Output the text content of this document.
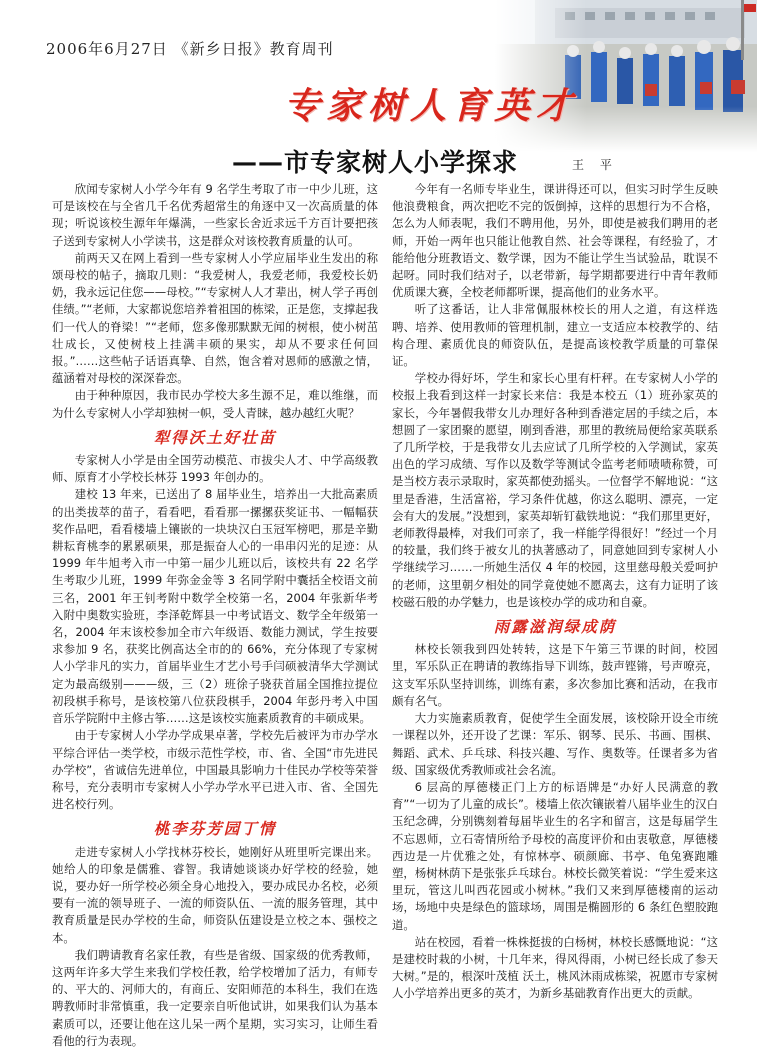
2006年6月27日 《新乡日报》教育周刊
专家树人育英才
——市专家树人小学探求	王 平

欣闻专家树人小学今年有 9 名学生考取了市一中少儿班，这可是该校在与全省几千名优秀超常生的角逐中又一次高质量的体现；听说该校生源年年爆满，一些家长舍近求远千方百计要把孩子送到专家树人小学读书，这是群众对该校教育质量的认可。

前两天又在网上看到一些专家树人小学应届毕业生发出的称颂母校的帖子，摘取几则：“我爱树人，我爱老师，我爱校长奶奶，我永远记住您——母校。”“专家树人人才辈出，树人学子再创佳绩。”“老师，大家都说您培养着祖国的栋梁，正是您，支撑起我们一代人的脊梁！”“老师，您多像那默默无闻的树根，使小树茁壮成长，又使树枝上挂满丰硕的果实，却从不要求任何回报。”……这些帖子话语真挚、自然，饱含着对恩师的感激之情，蕴涵着对母校的深深眷恋。

由于种种原因，我市民办学校大多生源不足，难以维继，而为什么专家树人小学却独树一帜，受人青睐，越办越红火呢？

犁得沃土好壮苗

专家树人小学是由全国劳动模范、市拔尖人才、中学高级教师、原育才小学校长林芬 1993 年创办的。

建校 13 年来，已送出了 8 届毕业生，培养出一大批高素质的出类拔萃的苗子，看看吧，看看那一摞摞获奖证书、一幅幅获奖作品吧，看看楼墙上镶嵌的一块块汉白玉冠军榜吧，那是辛勤耕耘育桃李的累累硕果，那是振奋人心的一串串闪光的足迹：从 1999 年牛旭考入市一中第一届少儿班以后，该校共有 22 名学生考取少儿班，1999 年弥金金等 3 名同学附中囊括全校语文前三名，2001 年王钊考附中数学全校第一名，2004 年张新华考入附中奥数实验班，李泽乾辉县一中考试语文、数学全年级第一名，2004 年末该校参加全市六年级语、数能力测试，学生按要求参加 9 名，获奖比例高达全市的的 66%，充分体现了专家树人小学非凡的实力，首届毕业生才艺小号手闫硕被清华大学测试定为最高级别———级，三（2）班徐子骁获首届全国推拉提位初段棋手称号，是该校第八位获段棋手，2004 年彭丹考入中国音乐学院附中主修古筝……这是该校实施素质教育的丰硕成果。

由于专家树人小学办学成果卓著，学校先后被评为市办学水平综合评估一类学校，市级示范性学校，市、省、全国“市先进民办学校”，省诚信先进单位，中国最具影响力十佳民办学校等荣誉称号，充分表明市专家树人小学办学水平已进入市、省、全国先进名校行列。

桃李芬芳园丁情

走进专家树人小学找林芬校长，她刚好从班里听完课出来。她给人的印象是儒雅、睿智。我请她谈谈办好学校的经验，她说，要办好一所学校必须全身心地投入，要办成民办名校，必须要有一流的领导班子、一流的师资队伍、一流的服务管理，其中教育质量是民办学校的生命，师资队伍建设是立校之本、强校之本。

我们聘请教育名家任教，有些是省级、国家级的优秀教师，这两年许多大学生来我们学校任教，给学校增加了活力，有师专的、平大的、河师大的，有商丘、安阳师范的本科生，我们在选聘教师时非常慎重，我一定要亲自听他试讲，如果我们认为基本素质可以，还要让他在这儿呆一两个星期，实习实习，让师生看看他的行为表现。

今年有一名师专毕业生，课讲得还可以，但实习时学生反映他浪费粮食，两次把吃不完的饭倒掉，这样的思想行为不合格，怎么为人师表呢，我们不聘用他，另外，即使是被我们聘用的老师，开始一两年也只能让他教自然、社会等课程，有经验了，才能给他分班教语文、数学课，因为不能让学生当试验品，耽误不起呀。同时我们结对子，以老带新，每学期都要进行中青年教师优质课大赛，全校老师都听课，提高他们的业务水平。

听了这番话，让人非常佩服林校长的用人之道，有这样选聘、培养、使用教师的管理机制，建立一支适应本校教学的、结构合理、素质优良的师资队伍，是提高该校教学质量的可靠保证。

学校办得好坏，学生和家长心里有杆秤。在专家树人小学的校报上我看到这样一封家长来信：我是本校五（1）班孙家英的家长，今年暑假我带女儿办理好各种到香港定居的手续之后，本想圆了一家团聚的愿望，刚到香港，那里的教统局便给家英联系了几所学校，于是我带女儿去应试了几所学校的入学测试，家英出色的学习成绩、写作以及数学等测试令监考老师啧啧称赞，可是当校方表示录取时，家英都使劲摇头。一位督学不解地说：“这里是香港，生活富裕，学习条件优越，你这么聪明、漂亮，一定会有大的发展。”没想到，家英却斩钉截铁地说：“我们那里更好，老师教得最棒，对我们可亲了，我一样能学得很好！”经过一个月的较量，我们终于被女儿的执著感动了，同意她回到专家树人小学继续学习……一所她生活仅 4 年的校园，这里慈母般关爱呵护的老师，这里朝夕相处的同学竟使她不愿离去，这有力证明了该校磁石般的办学魅力，也是该校办学的成功和自豪。

雨露滋润绿成荫

林校长领我到四处转转，这是下午第三节课的时间，校园里，军乐队正在聘请的教练指导下训练，鼓声铿锵，号声嘹亮，这支军乐队坚持训练，训练有素，多次参加比赛和活动，在我市颇有名气。

大力实施素质教育，促使学生全面发展，该校除开设全市统一课程以外，还开设了艺课：军乐、钢琴、民乐、书画、围棋、舞蹈、武术、乒乓球、科技兴趣、写作、奥数等。任课者多为省级、国家级优秀教师或社会名流。

6 层高的厚德楼正门上方的标语牌是“办好人民满意的教育”“一切为了儿童的成长”。楼墙上依次镶嵌着八届毕业生的汉白玉纪念碑，分别镌刻着每届毕业生的名字和留言，这是每届学生不忘恩师，立石寄情所给予母校的高度评价和由衷敬意，厚德楼西边是一片优雅之处，有惊林亭、硕颜廊、书亭、龟兔赛跑雕塑，杨树林荫下是张张乒乓球台。林校长微笑着说：“学生爱来这里玩，管这儿叫西花园或小树林。”我们又来到厚德楼南的运动场，场地中央是绿色的篮球场，周围是椭圆形的 6 条红色塑胶跑道。

站在校园，看着一株株挺拔的白杨树，林校长感慨地说：“这是建校时栽的小树，十几年来，得风得雨，小树已经长成了参天大树。”是的，根深叶茂植 沃土，桃风沐雨成栋梁，祝愿市专家树人小学培养出更多的英才，为新乡基础教育作出更大的贡献。
